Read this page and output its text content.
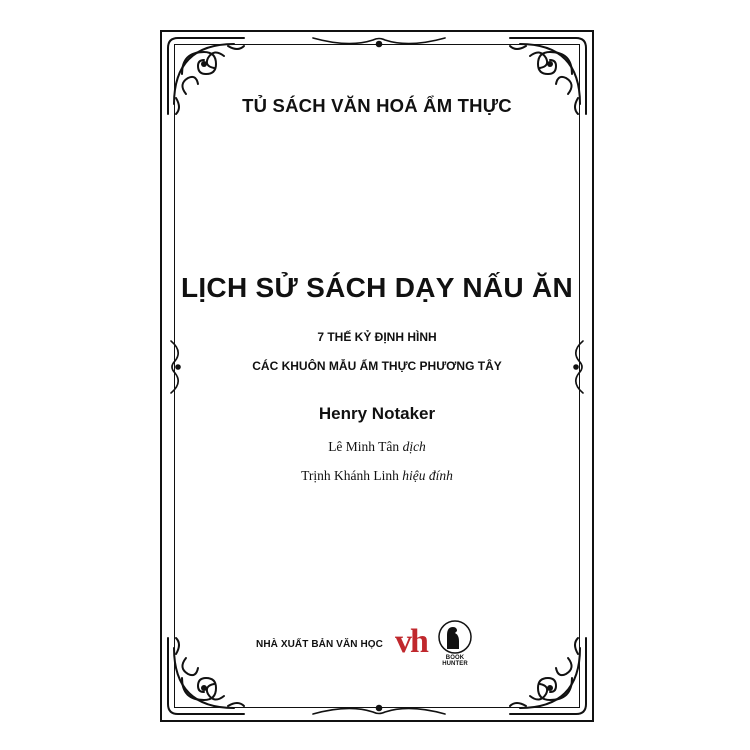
TỦ SÁCH VĂN HOÁ ẨM THỰC
LỊCH SỬ SÁCH DẠY NẤU ĂN
7 THẾ KỶ ĐỊNH HÌNH
CÁC KHUÔN MẪU ẨM THỰC PHƯƠNG TÂY
Henry Notaker
Lê Minh Tân dịch
Trịnh Khánh Linh hiệu đính
NHÀ XUẤT BẢN VĂN HỌC vh	BOOK HUNTER
